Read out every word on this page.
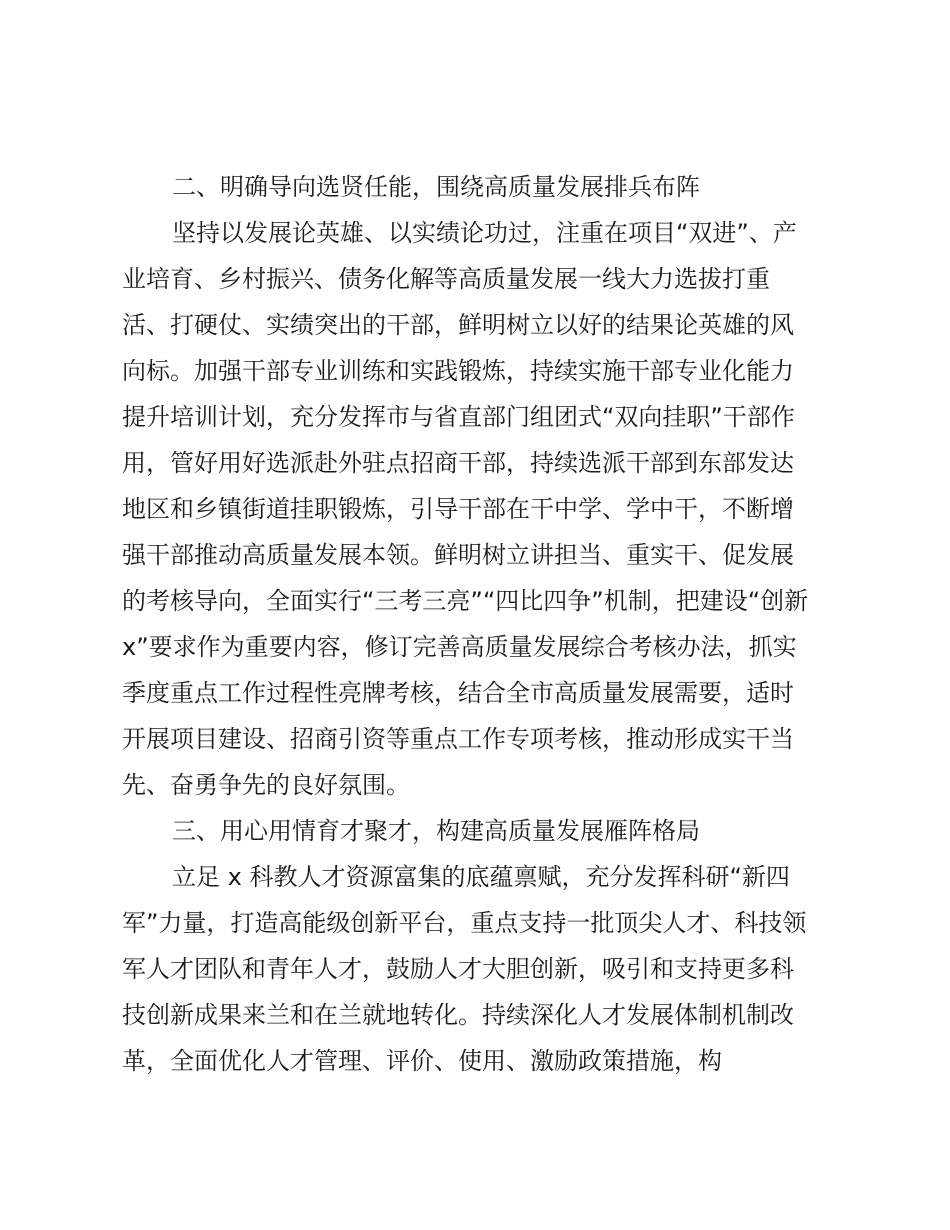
二、明确导向选贤任能，围绕高质量发展排兵布阵
坚持以发展论英雄、以实绩论功过，注重在项目“双进”、产
业培育、乡村振兴、债务化解等高质量发展一线大力选拔打重
活、打硬仗、实绩突出的干部，鲜明树立以好的结果论英雄的风
向标。加强干部专业训练和实践锻炼，持续实施干部专业化能力
提升培训计划，充分发挥市与省直部门组团式“双向挂职”干部作
用，管好用好选派赴外驻点招商干部，持续选派干部到东部发达
地区和乡镇街道挂职锻炼，引导干部在干中学、学中干，不断增
强干部推动高质量发展本领。鲜明树立讲担当、重实干、促发展
的考核导向，全面实行“三考三亮”“四比四争”机制，把建设“创新
x”要求作为重要内容，修订完善高质量发展综合考核办法，抓实
季度重点工作过程性亮牌考核，结合全市高质量发展需要，适时
开展项目建设、招商引资等重点工作专项考核，推动形成实干当
先、奋勇争先的良好氛围。
三、用心用情育才聚才，构建高质量发展雁阵格局
立足 x 科教人才资源富集的底蕴禀赋，充分发挥科研“新四
军”力量，打造高能级创新平台，重点支持一批顶尖人才、科技领
军人才团队和青年人才，鼓励人才大胆创新，吸引和支持更多科
技创新成果来兰和在兰就地转化。持续深化人才发展体制机制改
革，全面优化人才管理、评价、使用、激励政策措施，构
